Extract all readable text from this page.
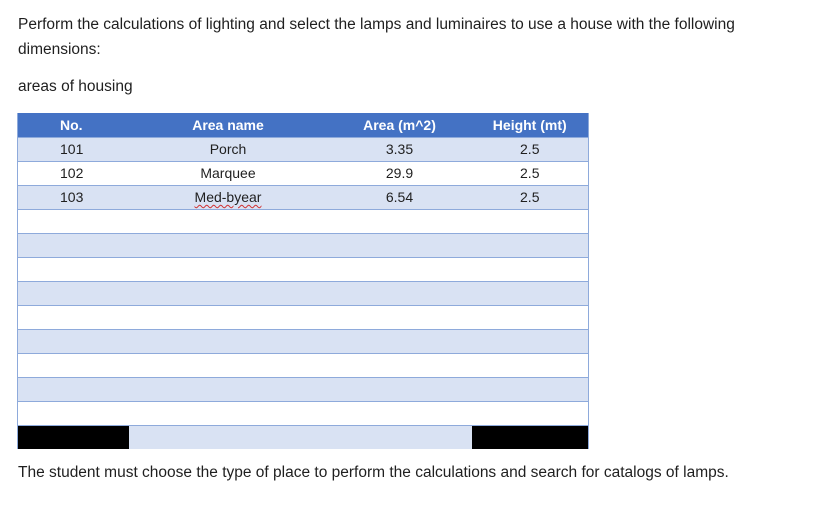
Perform the calculations of lighting and select the lamps and luminaires to use a house with the following dimensions:

areas of housing

No.	Area name	Area (m^2)	Height (mt)
101	Porch	3.35	2.5
102	Marquee	29.9	2.5
103	Med-byear	6.54	2.5

The student must choose the type of place to perform the calculations and search for catalogs of lamps.
